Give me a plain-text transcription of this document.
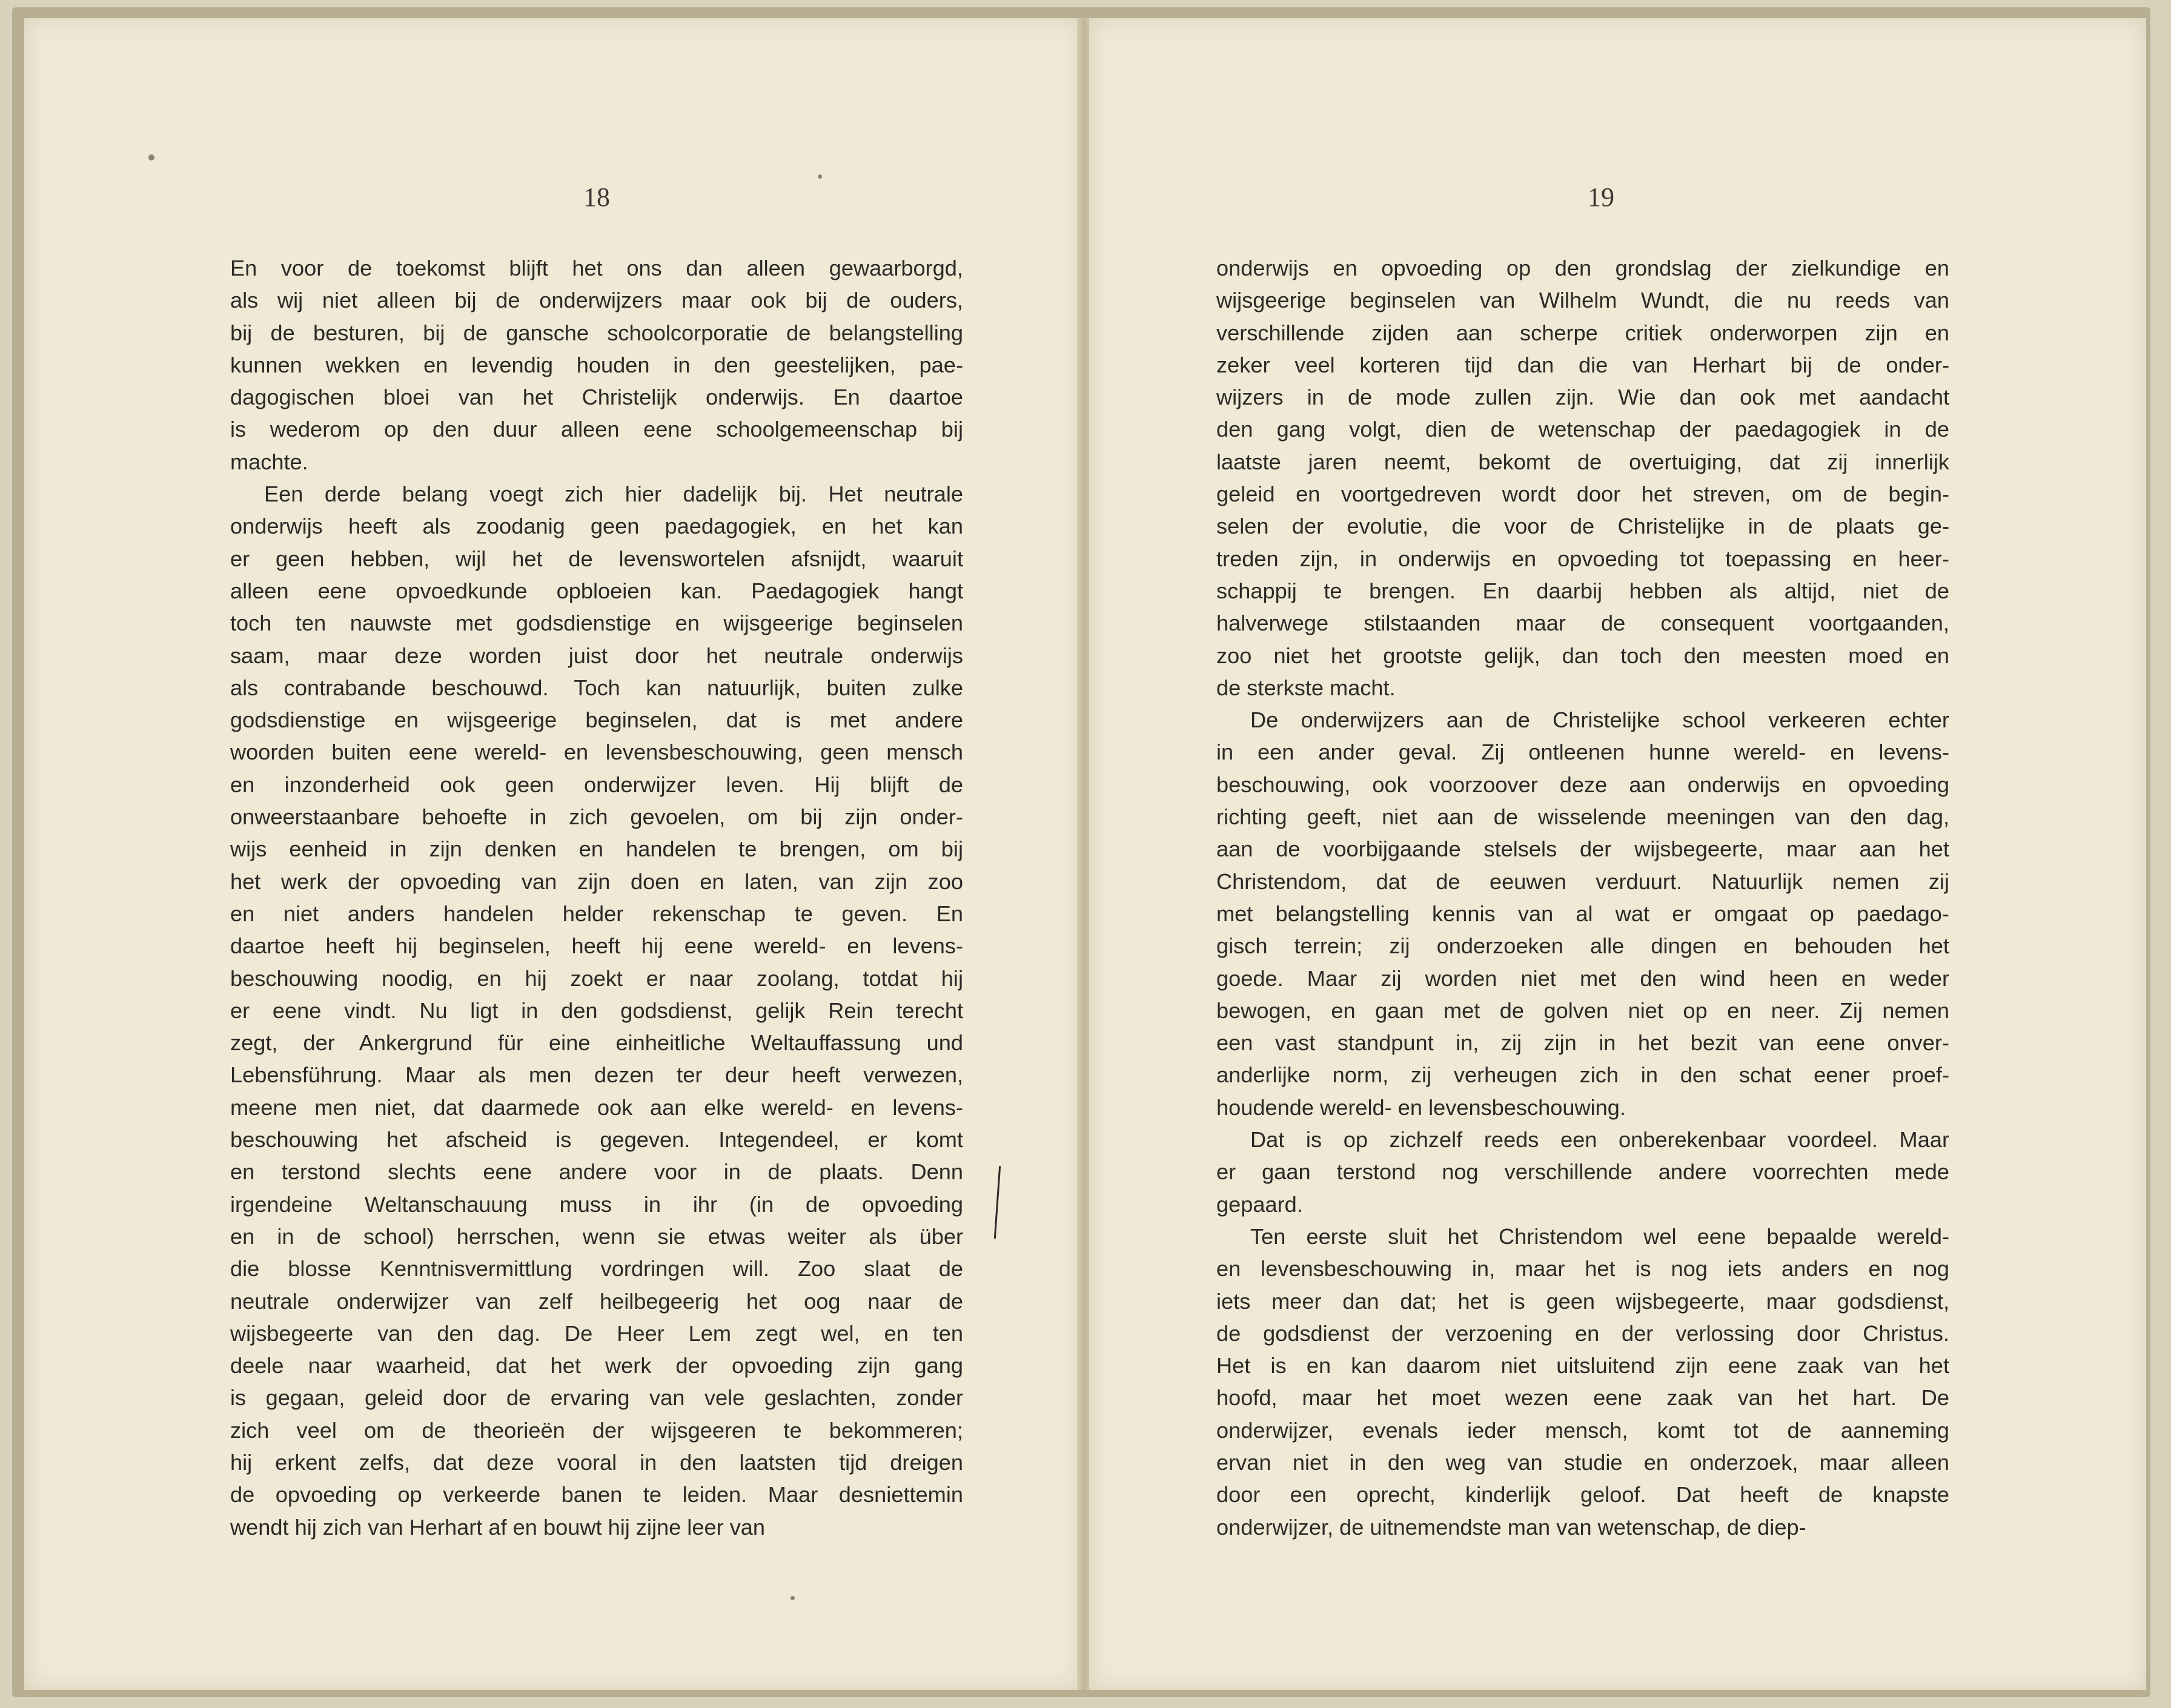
18

En voor de toekomst blijft het ons dan alleen gewaarborgd,

als wij niet alleen bij de onderwijzers maar ook bij de ouders,

bij de besturen, bij de gansche schoolcorporatie de belangstelling

kunnen wekken en levendig houden in den geestelijken, pae-

dagogischen bloei van het Christelijk onderwijs. En daartoe

is wederom op den duur alleen eene schoolgemeenschap bij

machte.

Een derde belang voegt zich hier dadelijk bij. Het neutrale

onderwijs heeft als zoodanig geen paedagogiek, en het kan

er geen hebben, wijl het de levenswortelen afsnijdt, waaruit

alleen eene opvoedkunde opbloeien kan. Paedagogiek hangt

toch ten nauwste met godsdienstige en wijsgeerige beginselen

saam, maar deze worden juist door het neutrale onderwijs

als contrabande beschouwd. Toch kan natuurlijk, buiten zulke

godsdienstige en wijsgeerige beginselen, dat is met andere

woorden buiten eene wereld- en levensbeschouwing, geen mensch

en inzonderheid ook geen onderwijzer leven. Hij blijft de

onweerstaanbare behoefte in zich gevoelen, om bij zijn onder-

wijs eenheid in zijn denken en handelen te brengen, om bij

het werk der opvoeding van zijn doen en laten, van zijn zoo

en niet anders handelen helder rekenschap te geven. En

daartoe heeft hij beginselen, heeft hij eene wereld- en levens-

beschouwing noodig, en hij zoekt er naar zoolang, totdat hij

er eene vindt. Nu ligt in den godsdienst, gelijk Rein terecht

zegt, der Ankergrund für eine einheitliche Weltauffassung und

Lebensführung. Maar als men dezen ter deur heeft verwezen,

meene men niet, dat daarmede ook aan elke wereld- en levens-

beschouwing het afscheid is gegeven. Integendeel, er komt

en terstond slechts eene andere voor in de plaats. Denn

irgendeine Weltanschauung muss in ihr (in de opvoeding

en in de school) herrschen, wenn sie etwas weiter als über

die blosse Kenntnisvermittlung vordringen will. Zoo slaat de

neutrale onderwijzer van zelf heilbegeerig het oog naar de

wijsbegeerte van den dag. De Heer Lem zegt wel, en ten

deele naar waarheid, dat het werk der opvoeding zijn gang

is gegaan, geleid door de ervaring van vele geslachten, zonder

zich veel om de theorieën der wijsgeeren te bekommeren;

hij erkent zelfs, dat deze vooral in den laatsten tijd dreigen

de opvoeding op verkeerde banen te leiden. Maar desniettemin

wendt hij zich van Herhart af en bouwt hij zijne leer van

19

onderwijs en opvoeding op den grondslag der zielkundige en

wijsgeerige beginselen van Wilhelm Wundt, die nu reeds van

verschillende zijden aan scherpe critiek onderworpen zijn en

zeker veel korteren tijd dan die van Herhart bij de onder-

wijzers in de mode zullen zijn. Wie dan ook met aandacht

den gang volgt, dien de wetenschap der paedagogiek in de

laatste jaren neemt, bekomt de overtuiging, dat zij innerlijk

geleid en voortgedreven wordt door het streven, om de begin-

selen der evolutie, die voor de Christelijke in de plaats ge-

treden zijn, in onderwijs en opvoeding tot toepassing en heer-

schappij te brengen. En daarbij hebben als altijd, niet de

halverwege stilstaanden maar de consequent voortgaanden,

zoo niet het grootste gelijk, dan toch den meesten moed en

de sterkste macht.

De onderwijzers aan de Christelijke school verkeeren echter

in een ander geval. Zij ontleenen hunne wereld- en levens-

beschouwing, ook voorzoover deze aan onderwijs en opvoeding

richting geeft, niet aan de wisselende meeningen van den dag,

aan de voorbijgaande stelsels der wijsbegeerte, maar aan het

Christendom, dat de eeuwen verduurt. Natuurlijk nemen zij

met belangstelling kennis van al wat er omgaat op paedago-

gisch terrein; zij onderzoeken alle dingen en behouden het

goede. Maar zij worden niet met den wind heen en weder

bewogen, en gaan met de golven niet op en neer. Zij nemen

een vast standpunt in, zij zijn in het bezit van eene onver-

anderlijke norm, zij verheugen zich in den schat eener proef-

houdende wereld- en levensbeschouwing.

Dat is op zichzelf reeds een onberekenbaar voordeel. Maar

er gaan terstond nog verschillende andere voorrechten mede

gepaard.

Ten eerste sluit het Christendom wel eene bepaalde wereld-

en levensbeschouwing in, maar het is nog iets anders en nog

iets meer dan dat; het is geen wijsbegeerte, maar godsdienst,

de godsdienst der verzoening en der verlossing door Christus.

Het is en kan daarom niet uitsluitend zijn eene zaak van het

hoofd, maar het moet wezen eene zaak van het hart. De

onderwijzer, evenals ieder mensch, komt tot de aanneming

ervan niet in den weg van studie en onderzoek, maar alleen

door een oprecht, kinderlijk geloof. Dat heeft de knapste

onderwijzer, de uitnemendste man van wetenschap, de diep-
